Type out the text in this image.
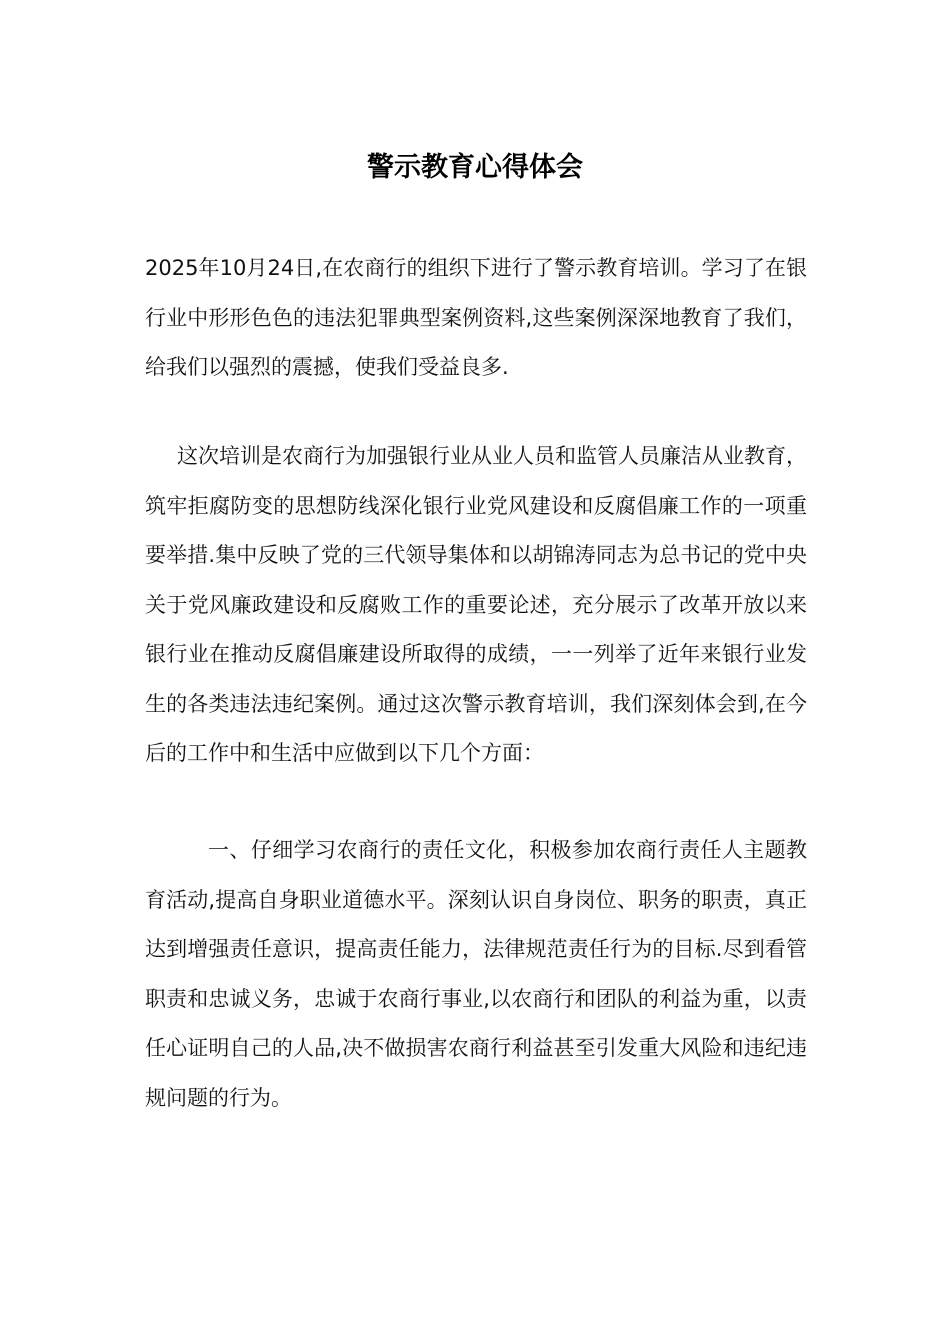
警示教育心得体会

2025年10月24日,在农商行的组织下进行了警示教育培训。学习了在银行业中形形色色的违法犯罪典型案例资料,这些案例深深地教育了我们，给我们以强烈的震撼，使我们受益良多.

这次培训是农商行为加强银行业从业人员和监管人员廉洁从业教育，筑牢拒腐防变的思想防线深化银行业党风建设和反腐倡廉工作的一项重要举措.集中反映了党的三代领导集体和以胡锦涛同志为总书记的党中央关于党风廉政建设和反腐败工作的重要论述，充分展示了改革开放以来银行业在推动反腐倡廉建设所取得的成绩，一一列举了近年来银行业发生的各类违法违纪案例。通过这次警示教育培训，我们深刻体会到,在今后的工作中和生活中应做到以下几个方面：

一、仔细学习农商行的责任文化，积极参加农商行责任人主题教育活动,提高自身职业道德水平。深刻认识自身岗位、职务的职责，真正达到增强责任意识，提高责任能力，法律规范责任行为的目标.尽到看管职责和忠诚义务，忠诚于农商行事业,以农商行和团队的利益为重，以责任心证明自己的人品,决不做损害农商行利益甚至引发重大风险和违纪违规问题的行为。
